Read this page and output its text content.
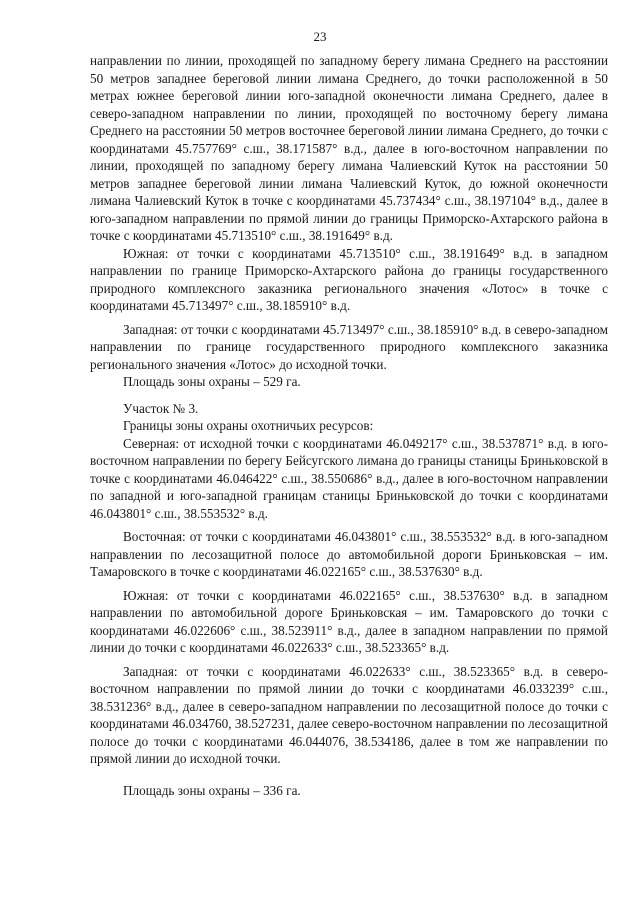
23

направлении по линии, проходящей по западному берегу лимана Среднего на расстоянии 50 метров западнее береговой линии лимана Среднего, до точки расположенной в 50 метрах южнее береговой линии юго-западной оконечности лимана Среднего, далее в северо-западном направлении по линии, проходящей по восточному берегу лимана Среднего на расстоянии 50 метров восточнее береговой линии лимана Среднего, до точки с координатами 45.757769° с.ш., 38.171587° в.д., далее в юго-восточном направлении по линии, проходящей по западному берегу лимана Чалиевский Куток на расстоянии 50 метров западнее береговой линии лимана Чалиевский Куток, до южной оконечности лимана Чалиевский Куток в точке с координатами 45.737434° с.ш., 38.197104° в.д., далее в юго-западном направлении по прямой линии до границы Приморско-Ахтарского района в точке с координатами 45.713510° с.ш., 38.191649° в.д.

Южная: от точки с координатами 45.713510° с.ш., 38.191649° в.д. в западном направлении по границе Приморско-Ахтарского района до границы государственного природного комплексного заказника регионального значения «Лотос» в точке с координатами 45.713497° с.ш., 38.185910° в.д.

Западная: от точки с координатами 45.713497° с.ш., 38.185910° в.д. в северо-западном направлении по границе государственного природного комплексного заказника регионального значения «Лотос» до исходной точки.

Площадь зоны охраны – 529 га.

Участок № 3.

Границы зоны охраны охотничьих ресурсов:

Северная: от исходной точки с координатами 46.049217° с.ш., 38.537871° в.д. в юго-восточном направлении по берегу Бейсугского лимана до границы станицы Бриньковской в точке с координатами 46.046422° с.ш., 38.550686° в.д., далее в юго-восточном направлении по западной и юго-западной границам станицы Бриньковской до точки с координатами 46.043801° с.ш., 38.553532° в.д.

Восточная: от точки с координатами 46.043801° с.ш., 38.553532° в.д. в юго-западном направлении по лесозащитной полосе до автомобильной дороги Бриньковская – им. Тамаровского в точке с координатами 46.022165° с.ш., 38.537630° в.д.

Южная: от точки с координатами 46.022165° с.ш., 38.537630° в.д. в западном направлении по автомобильной дороге Бриньковская – им. Тамаровского до точки с координатами 46.022606° с.ш., 38.523911° в.д., далее в западном направлении по прямой линии до точки с координатами 46.022633° с.ш., 38.523365° в.д.

Западная: от точки с координатами 46.022633° с.ш., 38.523365° в.д. в северо-восточном направлении по прямой линии до точки с координатами 46.033239° с.ш., 38.531236° в.д., далее в северо-западном направлении по лесозащитной полосе до точки с координатами 46.034760, 38.527231, далее северо-восточном направлении по лесозащитной полосе до точки с координатами 46.044076, 38.534186, далее в том же направлении по прямой линии до исходной точки.

Площадь зоны охраны – 336 га.
